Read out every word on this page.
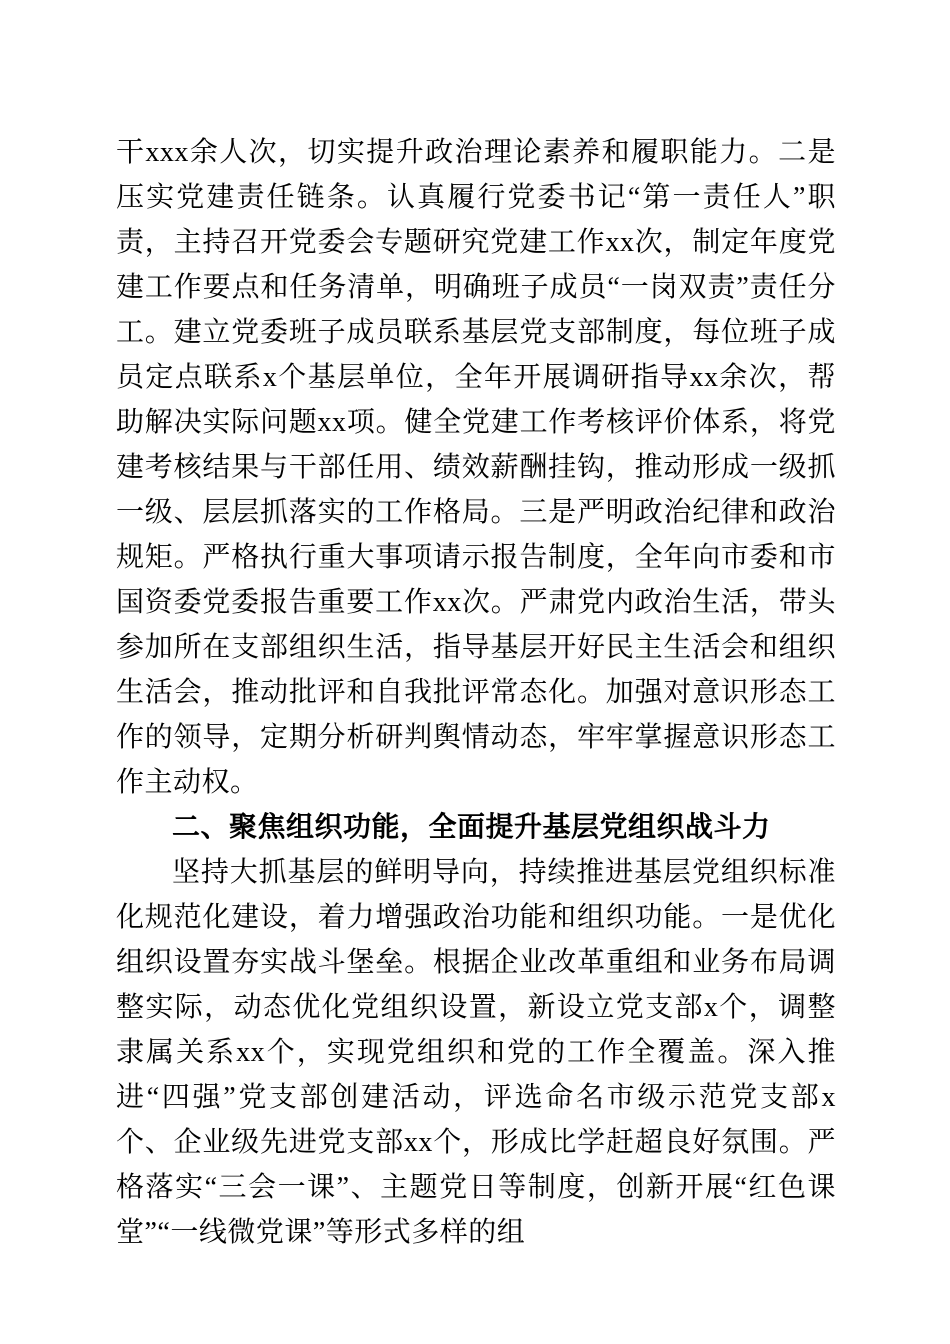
干xxx余人次，切实提升政治理论素养和履职能力。二是压实党建责任链条。认真履行党委书记“第一责任人”职责，主持召开党委会专题研究党建工作xx次，制定年度党建工作要点和任务清单，明确班子成员“一岗双责”责任分工。建立党委班子成员联系基层党支部制度，每位班子成员定点联系x个基层单位，全年开展调研指导xx余次，帮助解决实际问题xx项。健全党建工作考核评价体系，将党建考核结果与干部任用、绩效薪酬挂钩，推动形成一级抓一级、层层抓落实的工作格局。三是严明政治纪律和政治规矩。严格执行重大事项请示报告制度，全年向市委和市国资委党委报告重要工作xx次。严肃党内政治生活，带头参加所在支部组织生活，指导基层开好民主生活会和组织生活会，推动批评和自我批评常态化。加强对意识形态工作的领导，定期分析研判舆情动态，牢牢掌握意识形态工作主动权。

二、聚焦组织功能，全面提升基层党组织战斗力

坚持大抓基层的鲜明导向，持续推进基层党组织标准化规范化建设，着力增强政治功能和组织功能。一是优化组织设置夯实战斗堡垒。根据企业改革重组和业务布局调整实际，动态优化党组织设置，新设立党支部x个，调整隶属关系xx个，实现党组织和党的工作全覆盖。深入推进“四强”党支部创建活动，评选命名市级示范党支部x个、企业级先进党支部xx个，形成比学赶超良好氛围。严格落实“三会一课”、主题党日等制度，创新开展“红色课堂”“一线微党课”等形式多样的组
